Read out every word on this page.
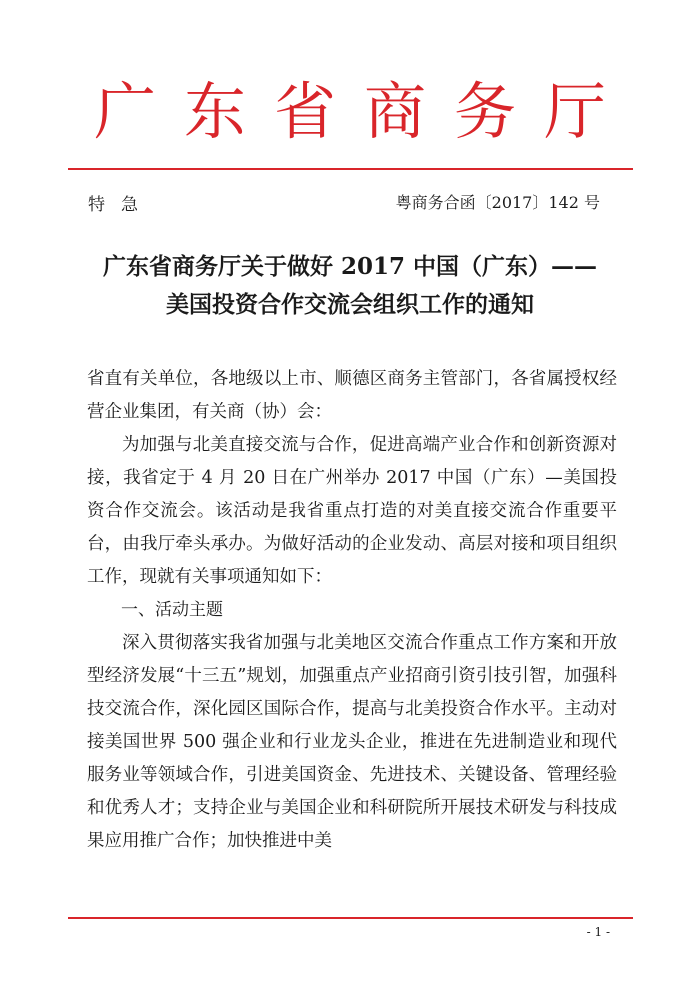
广东省商务厅
特急	粤商务合函〔2017〕142 号
广东省商务厅关于做好 2017 中国（广东）——
美国投资合作交流会组织工作的通知

省直有关单位，各地级以上市、顺德区商务主管部门，各省属授权经营企业集团，有关商（协）会：

为加强与北美直接交流与合作，促进高端产业合作和创新资源对接，我省定于 4 月 20 日在广州举办 2017 中国（广东）—美国投资合作交流会。该活动是我省重点打造的对美直接交流合作重要平台，由我厅牵头承办。为做好活动的企业发动、高层对接和项目组织工作，现就有关事项通知如下：

一、活动主题

深入贯彻落实我省加强与北美地区交流合作重点工作方案和开放型经济发展“十三五”规划，加强重点产业招商引资引技引智，加强科技交流合作，深化园区国际合作，提高与北美投资合作水平。主动对接美国世界 500 强企业和行业龙头企业，推进在先进制造业和现代服务业等领域合作，引进美国资金、先进技术、关键设备、管理经验和优秀人才；支持企业与美国企业和科研院所开展技术研发与科技成果应用推广合作；加快推进中美

- 1 -
